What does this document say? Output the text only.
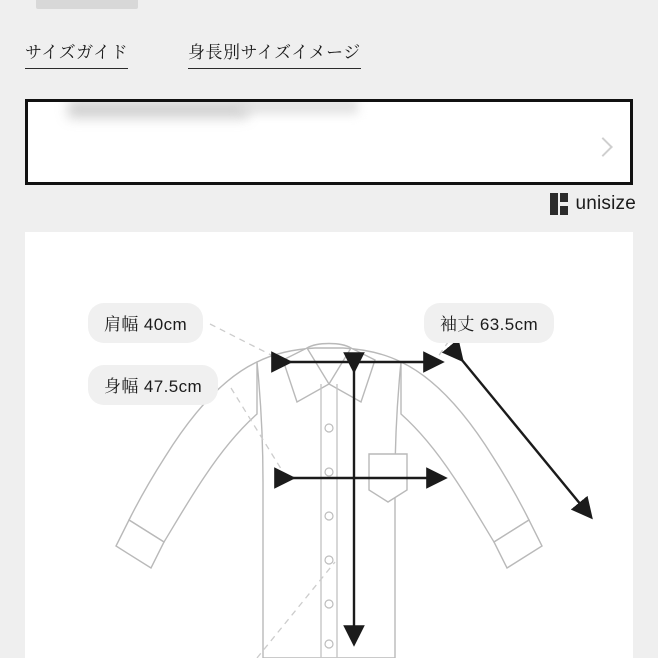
サイズガイド	身長別サイズイメージ
unisize
肩幅 40cm
身幅 47.5cm
袖丈 63.5cm
